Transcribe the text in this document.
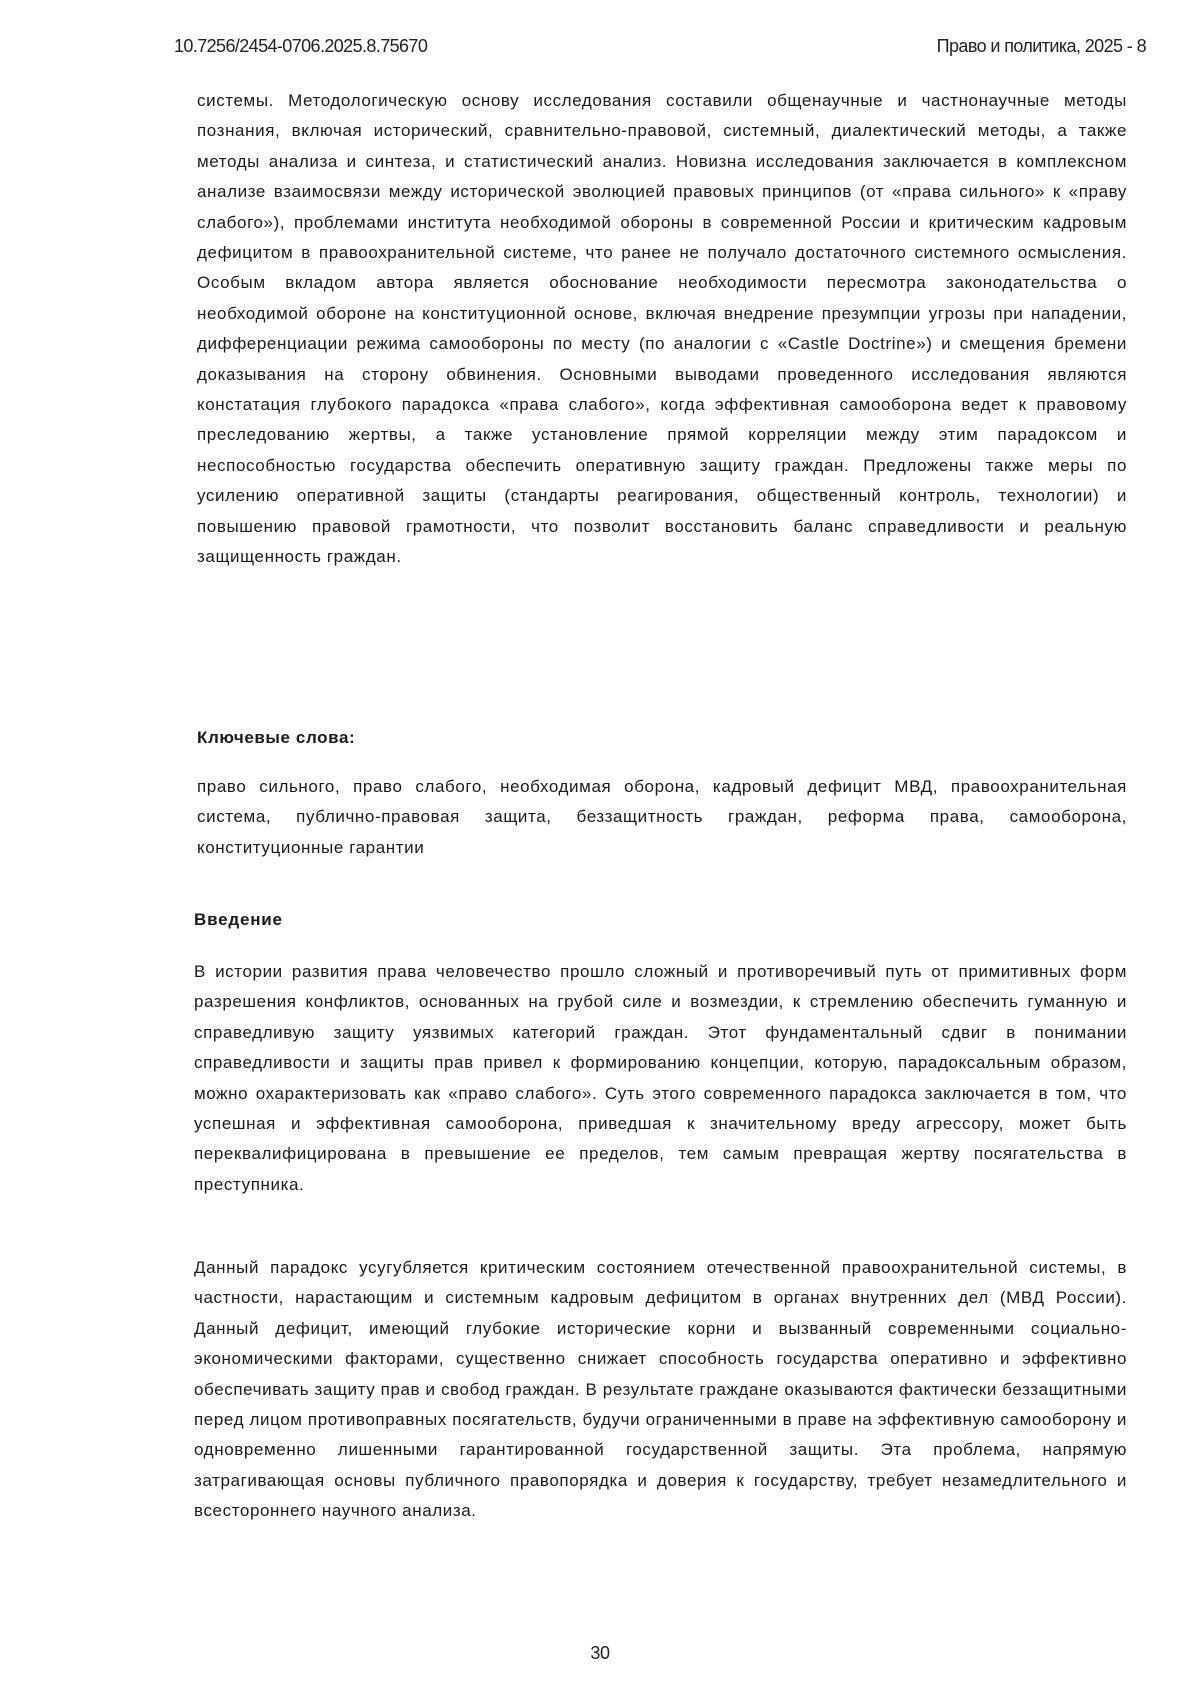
10.7256/2454-0706.2025.8.75670	Право и политика, 2025 - 8

системы. Методологическую основу исследования составили общенаучные и частнонаучные методы познания, включая исторический, сравнительно-правовой, системный, диалектический методы, а также методы анализа и синтеза, и статистический анализ. Новизна исследования заключается в комплексном анализе взаимосвязи между исторической эволюцией правовых принципов (от «права сильного» к «праву слабого»), проблемами института необходимой обороны в современной России и критическим кадровым дефицитом в правоохранительной системе, что ранее не получало достаточного системного осмысления. Особым вкладом автора является обоснование необходимости пересмотра законодательства о необходимой обороне на конституционной основе, включая внедрение презумпции угрозы при нападении, дифференциации режима самообороны по месту (по аналогии с «Castle Doctrine») и смещения бремени доказывания на сторону обвинения. Основными выводами проведенного исследования являются констатация глубокого парадокса «права слабого», когда эффективная самооборона ведет к правовому преследованию жертвы, а также установление прямой корреляции между этим парадоксом и неспособностью государства обеспечить оперативную защиту граждан. Предложены также меры по усилению оперативной защиты (стандарты реагирования, общественный контроль, технологии) и повышению правовой грамотности, что позволит восстановить баланс справедливости и реальную защищенность граждан.

Ключевые слова:

право сильного, право слабого, необходимая оборона, кадровый дефицит МВД, правоохранительная система, публично-правовая защита, беззащитность граждан, реформа права, самооборона, конституционные гарантии

Введение

В истории развития права человечество прошло сложный и противоречивый путь от примитивных форм разрешения конфликтов, основанных на грубой силе и возмездии, к стремлению обеспечить гуманную и справедливую защиту уязвимых категорий граждан. Этот фундаментальный сдвиг в понимании справедливости и защиты прав привел к формированию концепции, которую, парадоксальным образом, можно охарактеризовать как «право слабого». Суть этого современного парадокса заключается в том, что успешная и эффективная самооборона, приведшая к значительному вреду агрессору, может быть переквалифицирована в превышение ее пределов, тем самым превращая жертву посягательства в преступника.

Данный парадокс усугубляется критическим состоянием отечественной правоохранительной системы, в частности, нарастающим и системным кадровым дефицитом в органах внутренних дел (МВД России). Данный дефицит, имеющий глубокие исторические корни и вызванный современными социально-экономическими факторами, существенно снижает способность государства оперативно и эффективно обеспечивать защиту прав и свобод граждан. В результате граждане оказываются фактически беззащитными перед лицом противоправных посягательств, будучи ограниченными в праве на эффективную самооборону и одновременно лишенными гарантированной государственной защиты. Эта проблема, напрямую затрагивающая основы публичного правопорядка и доверия к государству, требует незамедлительного и всестороннего научного анализа.

30
